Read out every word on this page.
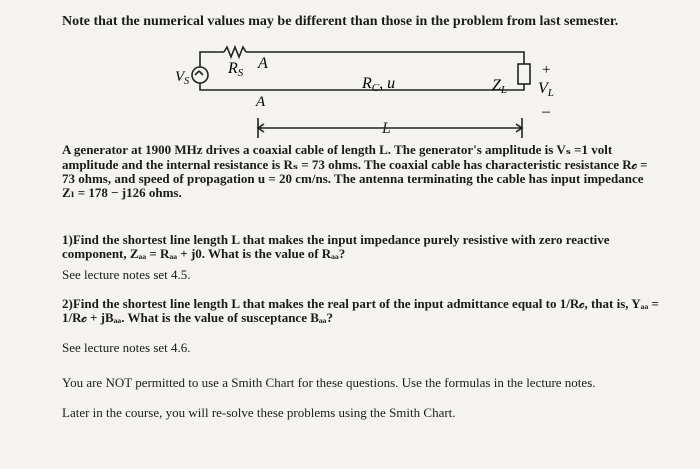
Note that the numerical values may be different than those in the problem from last semester.
$V_S$
RS
A
A
RC, u	ZL
+
VL
–
L
A generator at 1900 MHz drives a coaxial cable of length L. The generator's amplitude is Vₛ =1 volt
amplitude and the internal resistance is Rₛ = 73 ohms. The coaxial cable has characteristic resistance R𝒸 =
73 ohms, and speed of propagation u = 20 cm/ns. The antenna terminating the cable has input impedance
Zₗ = 178 − j126 ohms.
1)Find the shortest line length L that makes the input impedance purely resistive with zero reactive
component, Zₐₐ = Rₐₐ + j0. What is the value of Rₐₐ?
See lecture notes set 4.5.
2)Find the shortest line length L that makes the real part of the input admittance equal to 1/R𝒸, that is, Yₐₐ =
1/R𝒸 + jBₐₐ. What is the value of susceptance Bₐₐ?
See lecture notes set 4.6.
You are NOT permitted to use a Smith Chart for these questions. Use the formulas in the lecture notes.
Later in the course, you will re-solve these problems using the Smith Chart.
